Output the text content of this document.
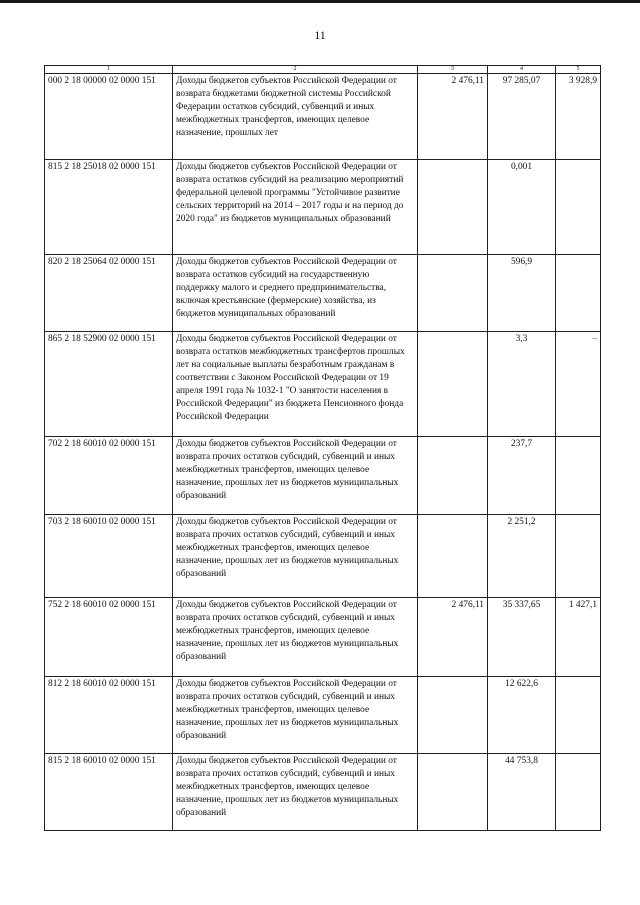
11
1	2	3	4	5
000 2 18 00000 02 0000 151	Доходы бюджетов субъектов Российской Федерации от возврата бюджетами бюджетной системы Российской Федерации остатков субсидий, субвенций и иных межбюджетных трансфертов, имеющих целевое назначение, прошлых лет	2 476,11	97 285,07	3 928,9
815 2 18 25018 02 0000 151	Доходы бюджетов субъектов Российской Федерации от возврата остатков субсидий на реализацию мероприятий федеральной целевой программы "Устойчивое развитие сельских территорий на 2014 – 2017 годы и на период до 2020 года" из бюджетов муниципальных образований		0,001	
820 2 18 25064 02 0000 151	Доходы бюджетов субъектов Российской Федерации от возврата остатков субсидий на государственную поддержку малого и среднего предпринимательства, включая крестьянские (фермерские) хозяйства, из бюджетов муниципальных образований		596,9	
865 2 18 52900 02 0000 151	Доходы бюджетов субъектов Российской Федерации от возврата остатков межбюджетных трансфертов прошлых лет на социальные выплаты безработным гражданам в соответствии с Законом Российской Федерации от 19 апреля 1991 года № 1032-1 "О занятости населения в Российской Федерации" из бюджета Пенсионного фонда Российской Федерации		3,3	–
702 2 18 60010 02 0000 151	Доходы бюджетов субъектов Российской Федерации от возврата прочих остатков субсидий, субвенций и иных межбюджетных трансфертов, имеющих целевое назначение, прошлых лет из бюджетов муниципальных образований		237,7	
703 2 18 60010 02 0000 151	Доходы бюджетов субъектов Российской Федерации от возврата прочих остатков субсидий, субвенций и иных межбюджетных трансфертов, имеющих целевое назначение, прошлых лет из бюджетов муниципальных образований		2 251,2	
752 2 18 60010 02 0000 151	Доходы бюджетов субъектов Российской Федерации от возврата прочих остатков субсидий, субвенций и иных межбюджетных трансфертов, имеющих целевое назначение, прошлых лет из бюджетов муниципальных образований	2 476,11	35 337,65	1 427,1
812 2 18 60010 02 0000 151	Доходы бюджетов субъектов Российской Федерации от возврата прочих остатков субсидий, субвенций и иных межбюджетных трансфертов, имеющих целевое назначение, прошлых лет из бюджетов муниципальных образований		12 622,6	
815 2 18 60010 02 0000 151	Доходы бюджетов субъектов Российской Федерации от возврата прочих остатков субсидий, субвенций и иных межбюджетных трансфертов, имеющих целевое назначение, прошлых лет из бюджетов муниципальных образований		44 753,8	
